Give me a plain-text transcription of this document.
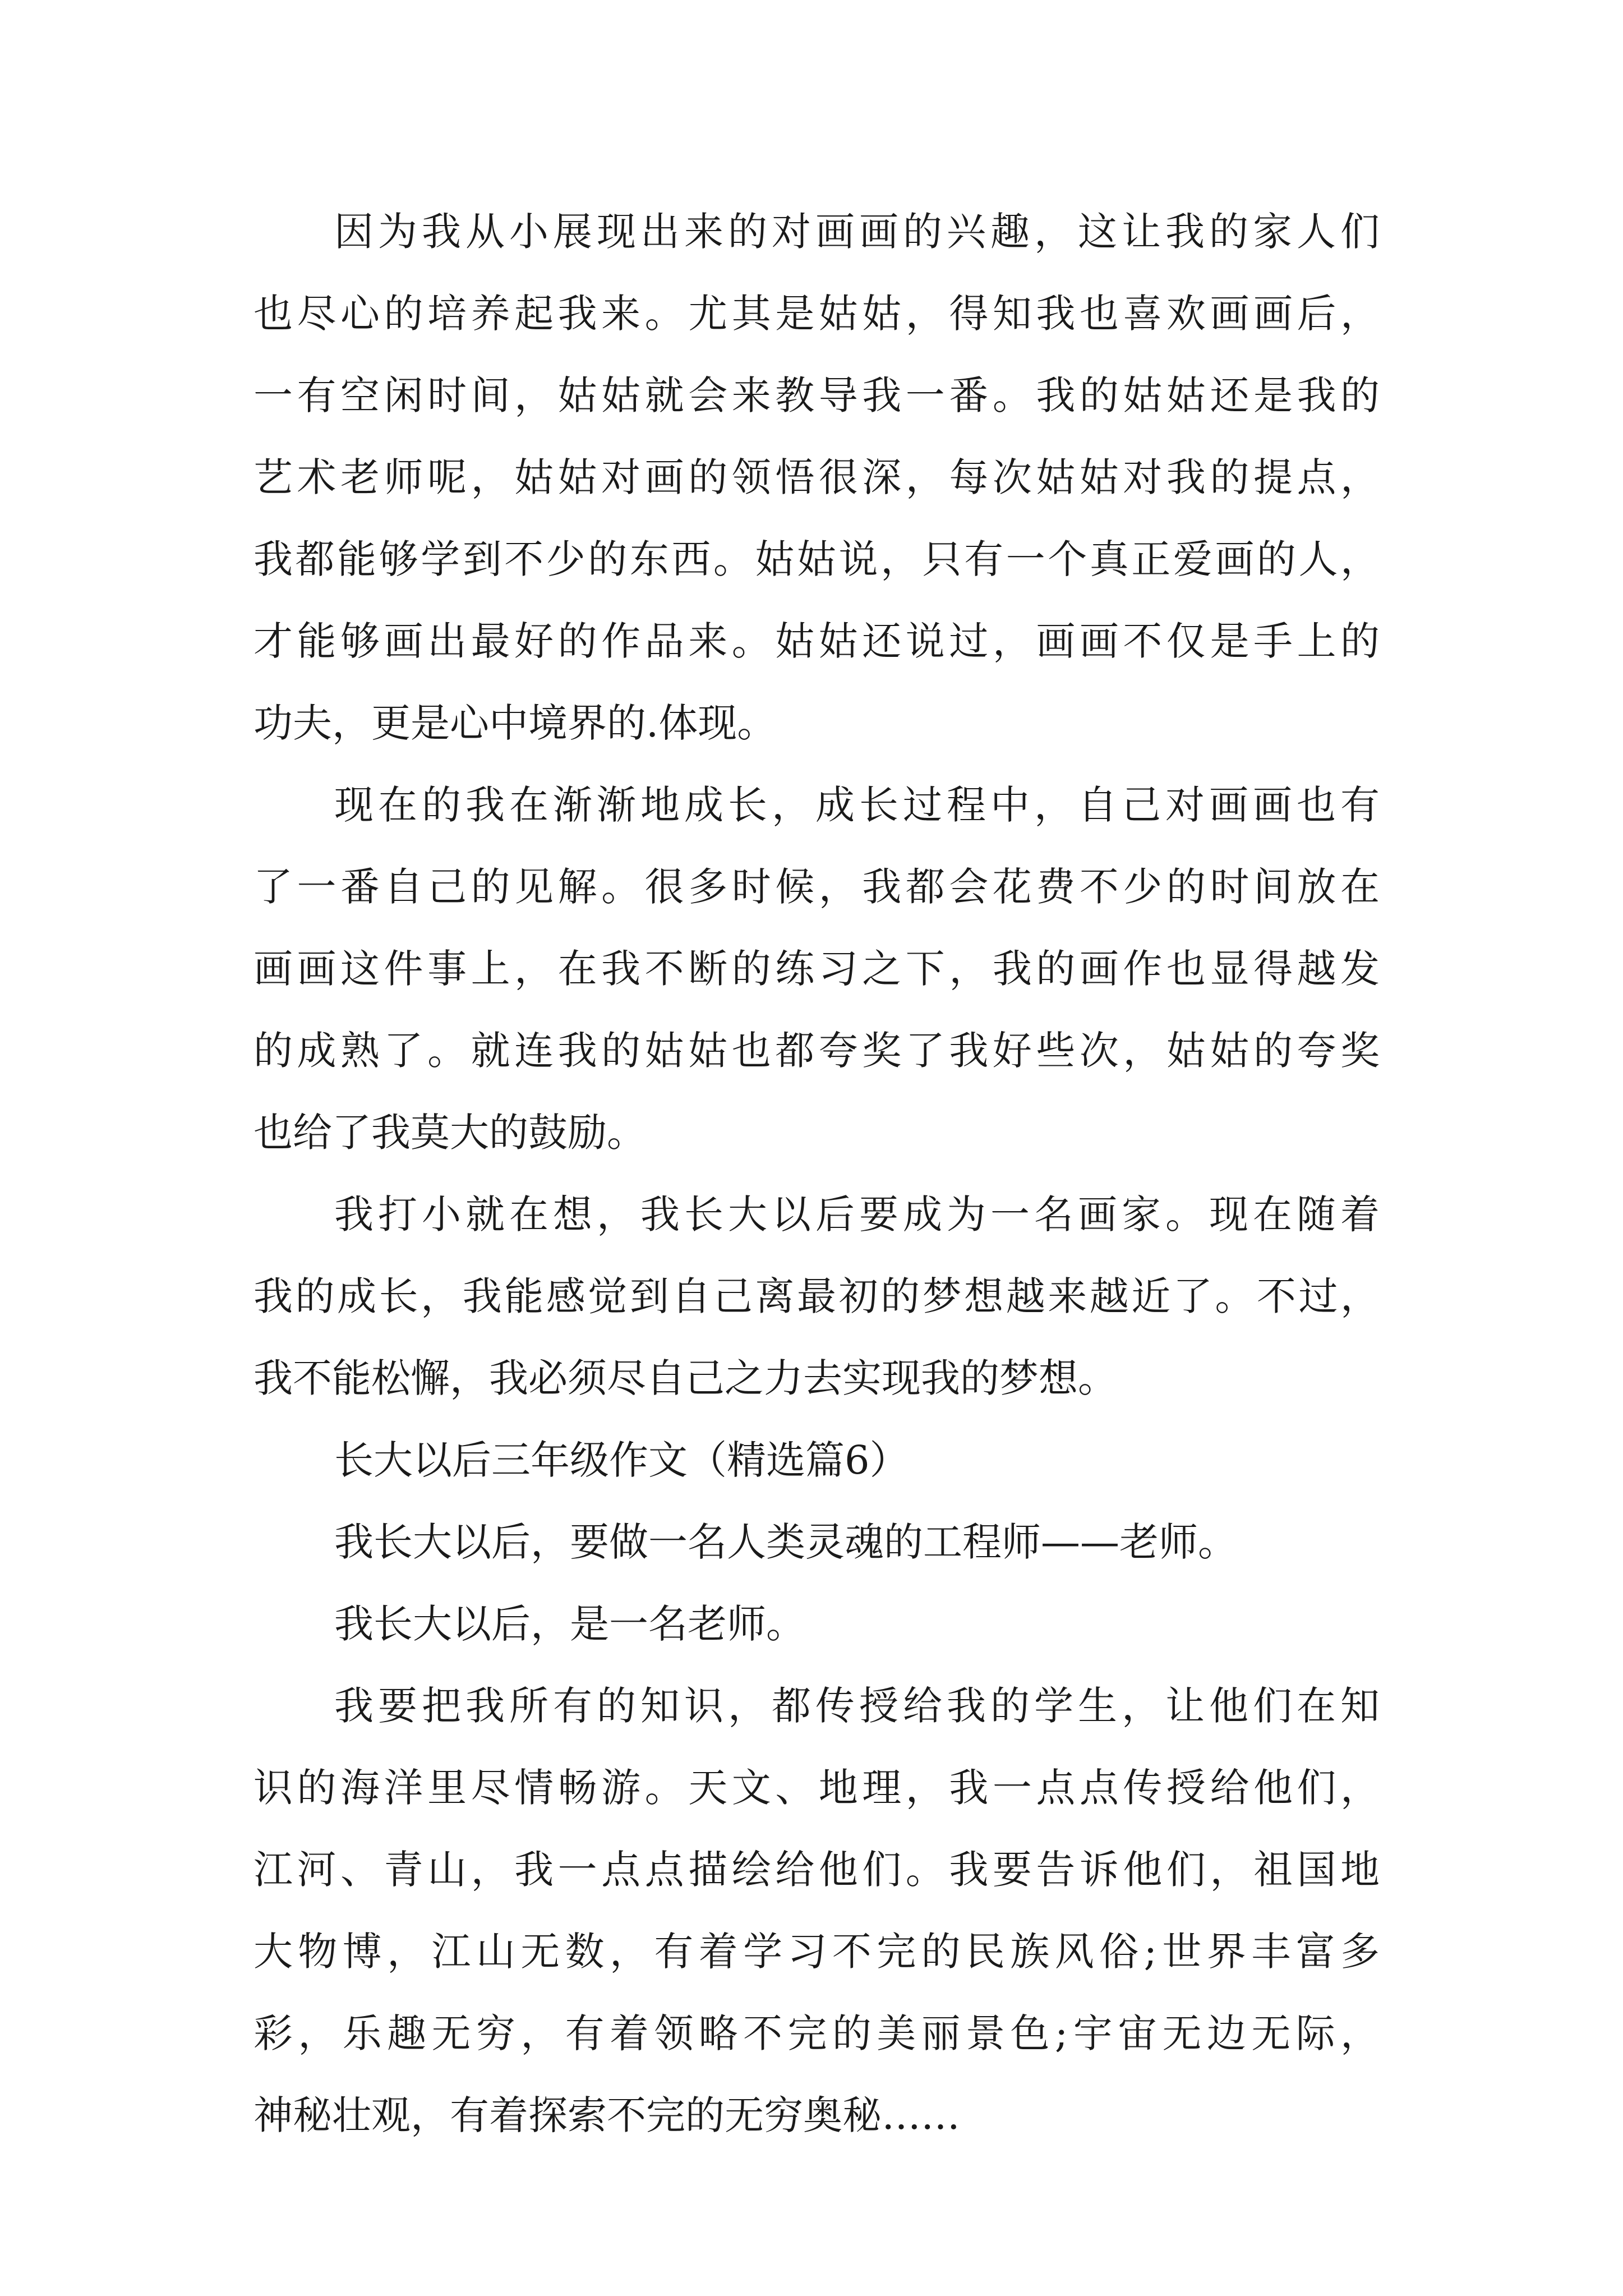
因为我从小展现出来的对画画的兴趣，这让我的家人们
也尽心的培养起我来。尤其是姑姑，得知我也喜欢画画后，
一有空闲时间，姑姑就会来教导我一番。我的姑姑还是我的
艺术老师呢，姑姑对画的领悟很深，每次姑姑对我的提点，
我都能够学到不少的东西。姑姑说，只有一个真正爱画的人，
才能够画出最好的作品来。姑姑还说过，画画不仅是手上的
功夫，更是心中境界的.体现。
现在的我在渐渐地成长，成长过程中，自己对画画也有
了一番自己的见解。很多时候，我都会花费不少的时间放在
画画这件事上，在我不断的练习之下，我的画作也显得越发
的成熟了。就连我的姑姑也都夸奖了我好些次，姑姑的夸奖
也给了我莫大的鼓励。
我打小就在想，我长大以后要成为一名画家。现在随着
我的成长，我能感觉到自己离最初的梦想越来越近了。不过，
我不能松懈，我必须尽自己之力去实现我的梦想。
长大以后三年级作文（精选篇6）
我长大以后，要做一名人类灵魂的工程师——老师。
我长大以后，是一名老师。
我要把我所有的知识，都传授给我的学生，让他们在知
识的海洋里尽情畅游。天文、地理，我一点点传授给他们，
江河、青山，我一点点描绘给他们。我要告诉他们，祖国地
大物博，江山无数，有着学习不完的民族风俗;世界丰富多
彩，乐趣无穷，有着领略不完的美丽景色;宇宙无边无际，
神秘壮观，有着探索不完的无穷奥秘……
